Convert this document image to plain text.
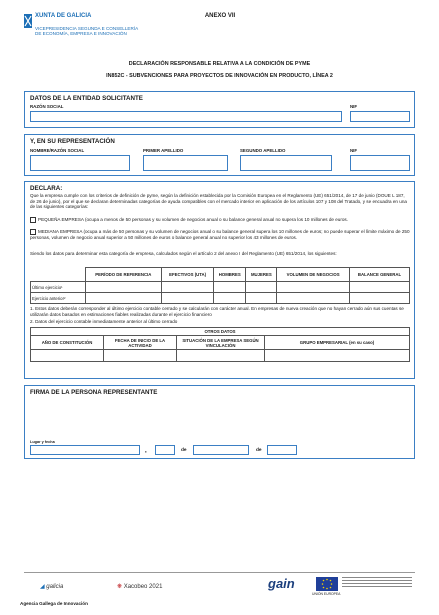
XUNTA DE GALICIA
VICEPRESIDENCIA SEGUNDA E CONSELLERÍA DE ECONOMÍA, EMPRESA E INNOVACIÓN
ANEXO VII
DECLARACIÓN RESPONSABLE RELATIVA A LA CONDICIÓN DE PYME
IN852C - SUBVENCIONES PARA PROYECTOS DE INNOVACIÓN EN PRODUCTO, LÍNEA 2
DATOS DE LA ENTIDAD SOLICITANTE
RAZÓN SOCIAL	NIF
Y, EN SU REPRESENTACIÓN
NOMBRE/RAZÓN SOCIAL	PRIMER APELLIDO	SEGUNDO APELLIDO	NIF
DECLARA:
Que la empresa cumple con los criterios de definición de pyme, según la definición establecida por la Comisión Europea en el Reglamento (UE) 651/2014, de 17 de junio (DOUE L 187, de 26 de junio), por el que se declaran determinadas categorías de ayuda compatibles con el mercado interior en aplicación de los artículos 107 y 108 del Tratado, y se encuadra en una de las siguientes categorías:
PEQUEÑA EMPRESA (ocupa a menos de 50 personas y su volumen de negocios anual o su balance general anual no supera los 10 millones de euros.
MEDIANA EMPRESA (ocupa a más de 50 personas y su volumen de negocios anual o su balance general supera los 10 millones de euros; no puede superar el límite máximo de 250 personas, volumen de negocio anual superior a 50 millones de euros o balance general anual no superior los 43 millones de euros.
Siendo los datos para determinar esta categoría de empresa, calculados según el artículo 2 del anexo I del Reglamento (UE) 651/2014, los siguientes:
	PERÍODO DE REFERENCIA	EFECTIVOS (UTA)	HOMBRES	MUJERES	VOLUMEN DE NEGOCIOS	BALANCE GENERAL
Último ejercicio¹						
Ejercicio anterior²						
1. Estos datos deberán corresponder al último ejercicio contable cerrado y se calcularán con carácter anual. En empresas de nueva creación que no hayan cerrado aún sus cuentas se utilizarán datos basados en estimaciones fiables realizadas durante el ejercicio financiero
2. Datos del ejercicio contable inmediatamente anterior al último cerrado
OTROS DATOS			
AÑO DE CONSTITUCIÓN	FECHA DE INICIO DE LA ACTIVIDAD	SITUACIÓN DE LA EMPRESA SEGÚN VINCULACIÓN	GRUPO EMPRESARIAL (en su caso)

FIRMA DE LA PERSONA REPRESENTANTE
Lugar y fecha
,	de	de
◢ galicia	❋ Xacobeo 2021	gain
UNIÓN EUROPEA
Agencia Gallega de Innovación
